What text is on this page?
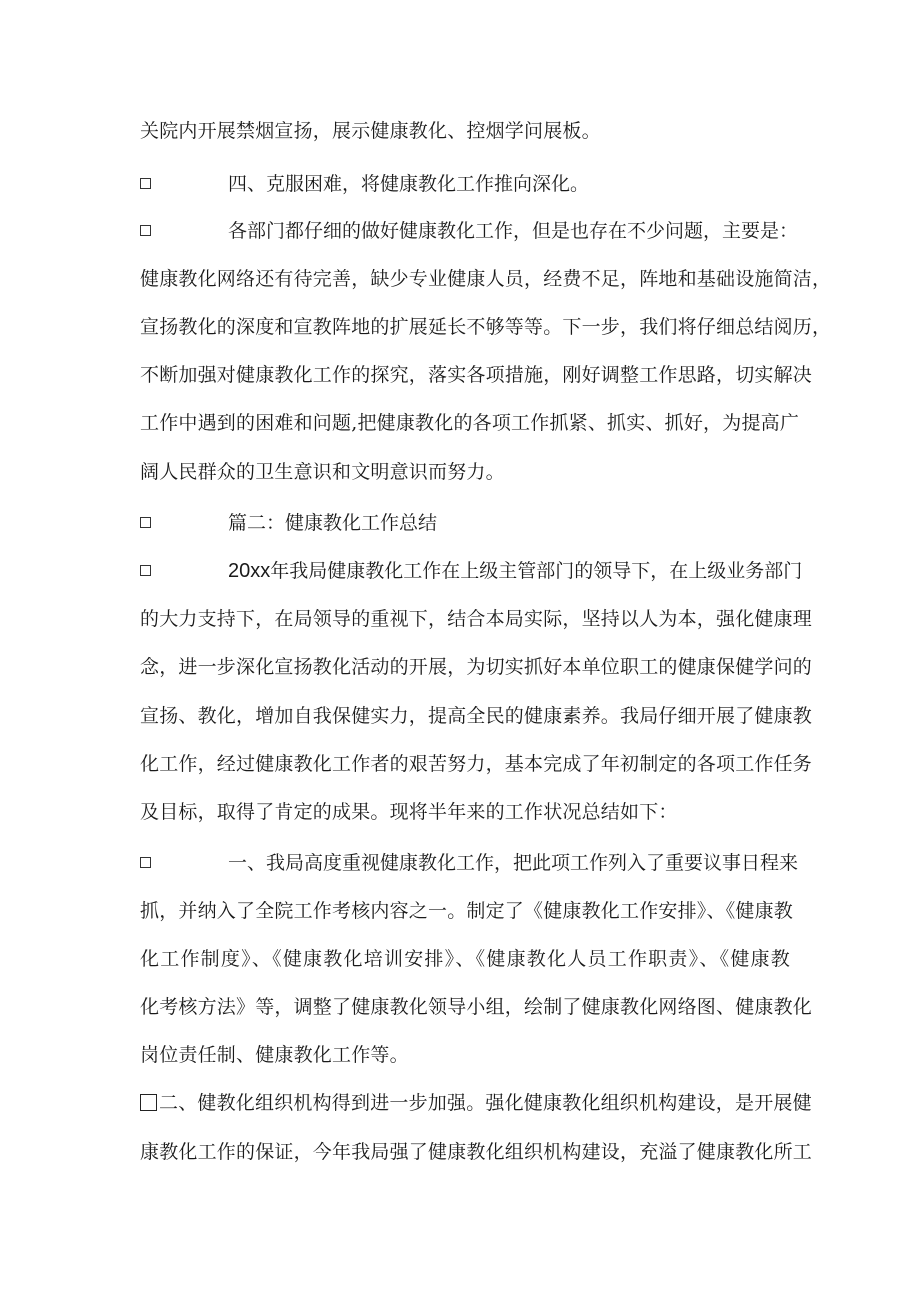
关院内开展禁烟宣扬，展示健康教化、控烟学问展板。
四、克服困难，将健康教化工作推向深化。
各部门都仔细的做好健康教化工作，但是也存在不少问题，主要是：
健康教化网络还有待完善，缺少专业健康人员，经费不足，阵地和基础设施简洁，
宣扬教化的深度和宣教阵地的扩展延长不够等等。下一步，我们将仔细总结阅历，
不断加强对健康教化工作的探究，落实各项措施，刚好调整工作思路，切实解决
工作中遇到的困难和问题,把健康教化的各项工作抓紧、抓实、抓好，为提高广
阔人民群众的卫生意识和文明意识而努力。
篇二：健康教化工作总结
20xx年我局健康教化工作在上级主管部门的领导下，在上级业务部门
的大力支持下，在局领导的重视下，结合本局实际，坚持以人为本，强化健康理
念，进一步深化宣扬教化活动的开展，为切实抓好本单位职工的健康保健学问的
宣扬、教化，增加自我保健实力，提高全民的健康素养。我局仔细开展了健康教
化工作，经过健康教化工作者的艰苦努力，基本完成了年初制定的各项工作任务
及目标，取得了肯定的成果。现将半年来的工作状况总结如下：
一、我局高度重视健康教化工作，把此项工作列入了重要议事日程来
抓，并纳入了全院工作考核内容之一。制定了《健康教化工作安排》、《健康教
化工作制度》、《健康教化培训安排》、《健康教化人员工作职责》、《健康教
化考核方法》等，调整了健康教化领导小组，绘制了健康教化网络图、健康教化
岗位责任制、健康教化工作等。
二、健教化组织机构得到进一步加强。强化健康教化组织机构建设，是开展健
康教化工作的保证，今年我局强了健康教化组织机构建设，充溢了健康教化所工
